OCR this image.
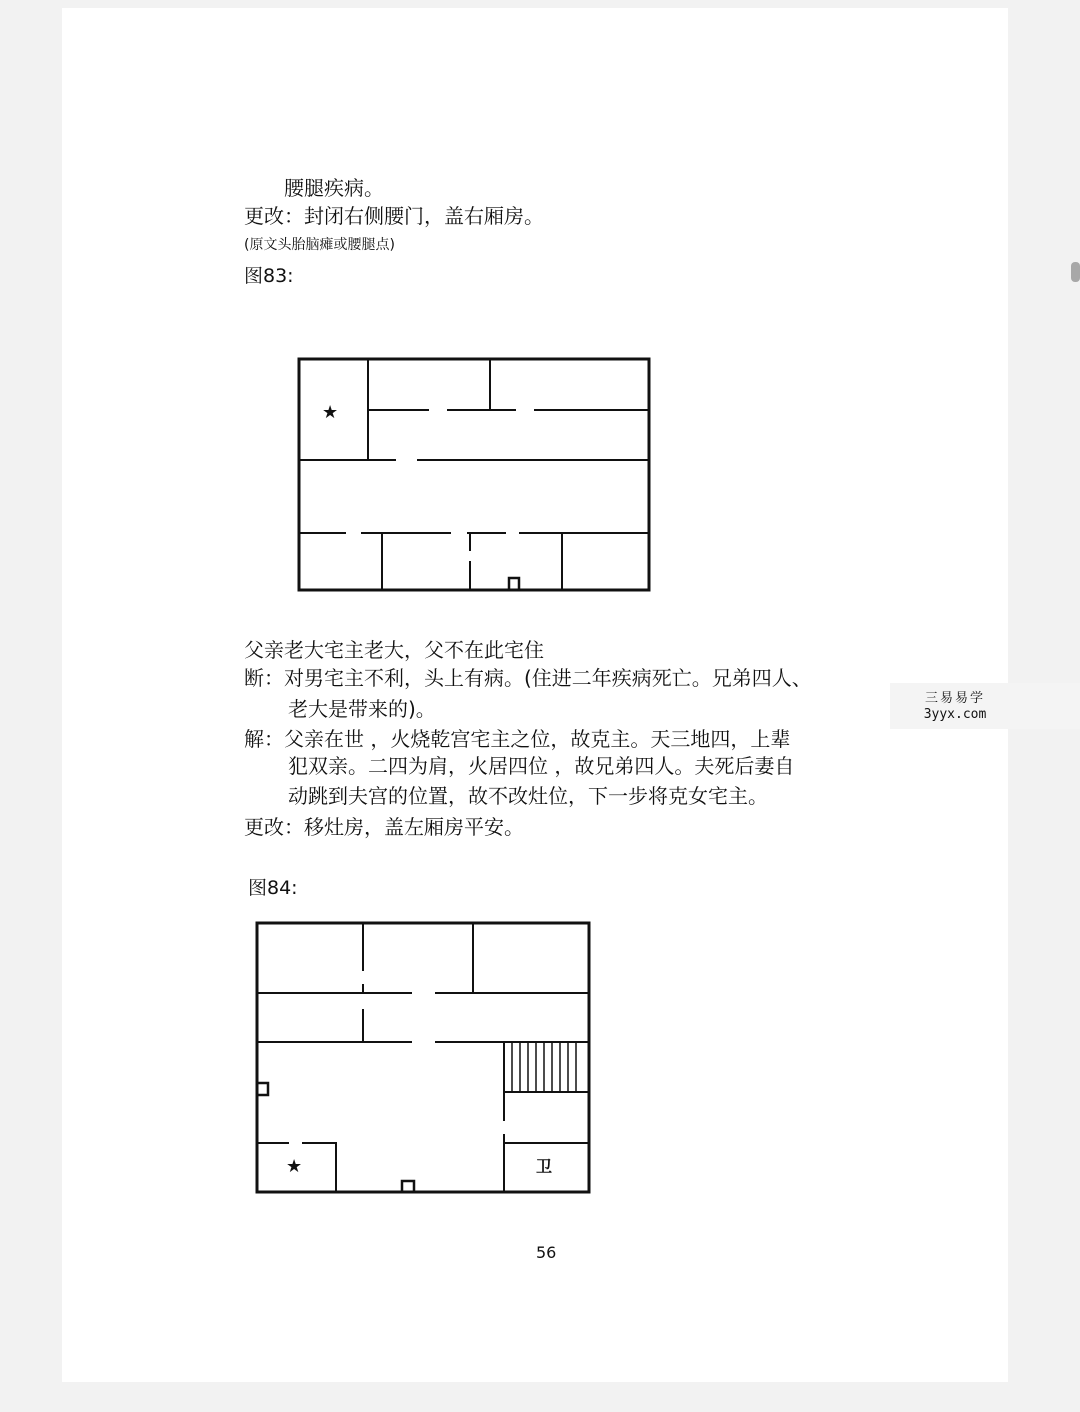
腰腿疾病。
更改：封闭右侧腰门，盖右厢房。
(原文头胎脑瘫或腰腿点)
图83:
★
父亲老大宅主老大，父不在此宅住
断：对男宅主不利，头上有病。(住进二年疾病死亡。兄弟四人、
老大是带来的)。
解：父亲在世 ，火烧乾宫宅主之位，故克主。天三地四，上辈
犯双亲。二四为肩，火居四位 ，故兄弟四人。夫死后妻自
动跳到夫宫的位置，故不改灶位，下一步将克女宅主。
更改：移灶房，盖左厢房平安。
图84:
★	卫
三易易学
3yyx.com
56
